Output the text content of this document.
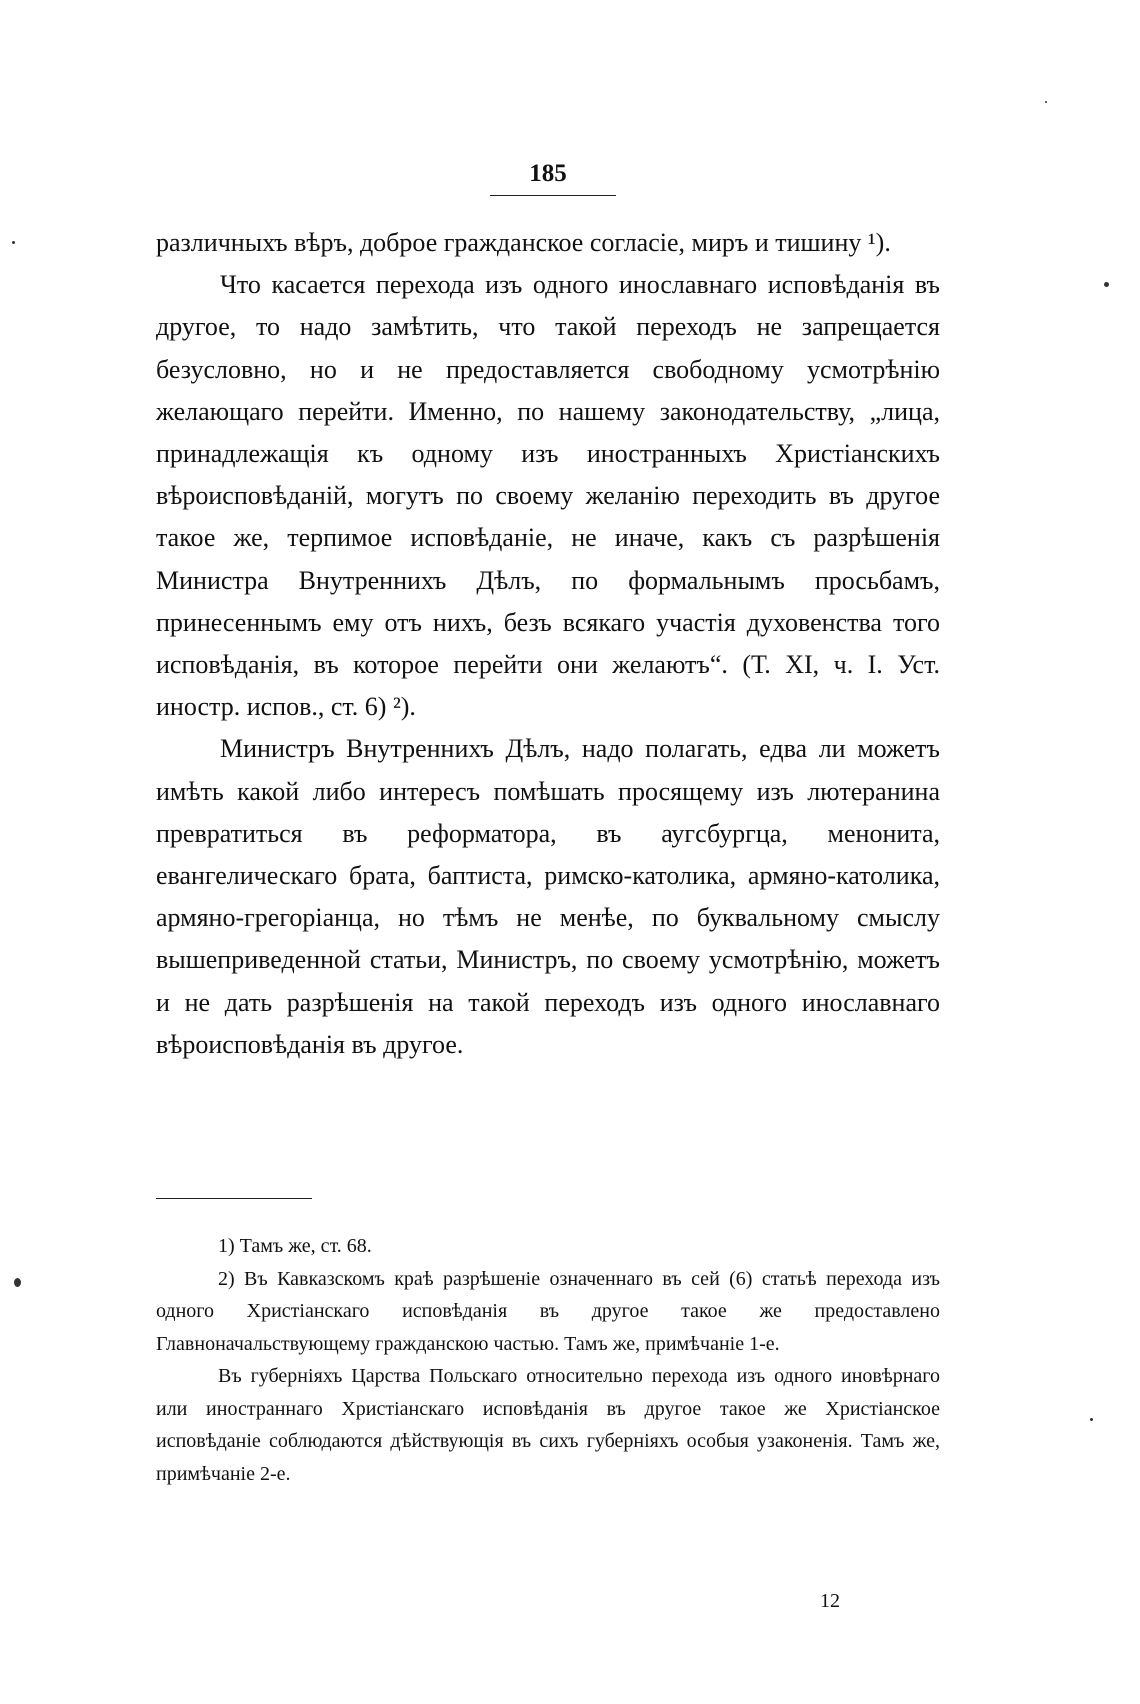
185

различныхъ вѣръ, доброе гражданское согласіе, миръ и тишину ¹).

Что касается перехода изъ одного инославнаго исповѣданія въ другое, то надо замѣтить, что такой переходъ не запрещается безусловно, но и не предоставляется свободному усмотрѣнію желающаго перейти. Именно, по нашему законодательству, „лица, принадлежащія къ одному изъ иностранныхъ Христіанскихъ вѣроисповѣданій, могутъ по своему желанію переходить въ другое такое же, терпимое исповѣданіе, не иначе, какъ съ разрѣшенія Министра Внутреннихъ Дѣлъ, по формальнымъ просьбамъ, принесеннымъ ему отъ нихъ, безъ всякаго участія духовенства того исповѣданія, въ которое перейти они желаютъ“. (Т. XI, ч. I. Уст. иностр. испов., ст. 6) ²).

Министръ Внутреннихъ Дѣлъ, надо полагать, едва ли можетъ имѣть какой либо интересъ помѣшать просящему изъ лютеранина превратиться въ реформатора, въ аугсбургца, менонита, евангелическаго брата, баптиста, римско-католика, армяно-католика, армяно-грегоріанца, но тѣмъ не менѣе, по буквальному смыслу вышеприведенной статьи, Министръ, по своему усмотрѣнію, можетъ и не дать разрѣшенія на такой переходъ изъ одного инославнаго вѣроисповѣданія въ другое.

1) Тамъ же, ст. 68.

2) Въ Кавказскомъ краѣ разрѣшеніе означеннаго въ сей (6) статьѣ перехода изъ одного Христіанскаго исповѣданія въ другое такое же предоставлено Главноначальствующему гражданскою частью. Тамъ же, примѣчаніе 1-е.

Въ губерніяхъ Царства Польскаго относительно перехода изъ одного иновѣрнаго или иностраннаго Христіанскаго исповѣданія въ другое такое же Христіанское исповѣданіе соблюдаются дѣйствующія въ сихъ губерніяхъ особыя узаконенія. Тамъ же, примѣчаніе 2-е.

12
